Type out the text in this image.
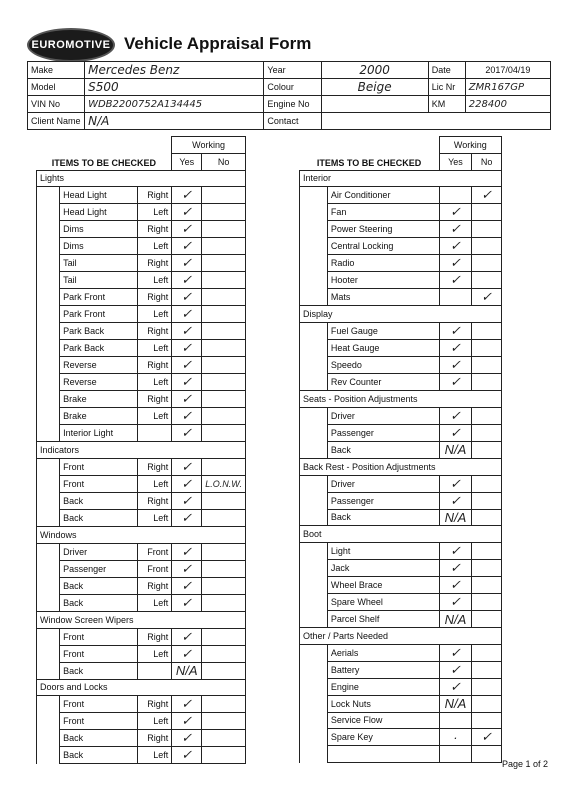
EUROMOTIVE Vehicle Appraisal Form
Make	Mercedes Benz	Year	2000	Date	2017/04/19
Model	S500	Colour	Beige	Lic Nr	ZMR167GP
VIN No	WDB2200752A134445	Engine No		KM	228400
Client Name	N/A	Contact			
ITEMS TO BE CHECKED			Working	
			Yes	No
Lights				
	Head Light	Right	✓	
	Head Light	Left	✓	
	Dims	Right	✓	
	Dims	Left	✓	
	Tail	Right	✓	
	Tail	Left	✓	
	Park Front	Right	✓	
	Park Front	Left	✓	
	Park Back	Right	✓	
	Park Back	Left	✓	
	Reverse	Right	✓	
	Reverse	Left	✓	
	Brake	Right	✓	
	Brake	Left	✓	
	Interior Light		✓	
Indicators				
	Front	Right	✓	
	Front	Left	✓	L.O.N.W.
	Back	Right	✓	
	Back	Left	✓	
Windows				
	Driver	Front	✓	
	Passenger	Front	✓	
	Back	Right	✓	
	Back	Left	✓	
Window Screen Wipers				
	Front	Right	✓	
	Front	Left	✓	
	Back		N/A	
Doors and Locks				
	Front	Right	✓	
	Front	Left	✓	
	Back	Right	✓	
	Back	Left	✓	
ITEMS TO BE CHECKED		Working	
		Yes	No
Interior			
	Air Conditioner		✓
	Fan	✓	
	Power Steering	✓	
	Central Locking	✓	
	Radio	✓	
	Hooter	✓	
	Mats		✓
Display			
	Fuel Gauge	✓	
	Heat Gauge	✓	
	Speedo	✓	
	Rev Counter	✓	
Seats - Position Adjustments			
	Driver	✓	
	Passenger	✓	
	Back	N/A	
Back Rest - Position Adjustments			
	Driver	✓	
	Passenger	✓	
	Back	N/A	
Boot			
	Light	✓	
	Jack	✓	
	Wheel Brace	✓	
	Spare Wheel	✓	
	Parcel Shelf	N/A	
Other / Parts Needed			
	Aerials	✓	
	Battery	✓	
	Engine	✓	
	Lock Nuts	N/A	
	Service Flow		
	Spare Key	·	✓

Page 1 of 2
